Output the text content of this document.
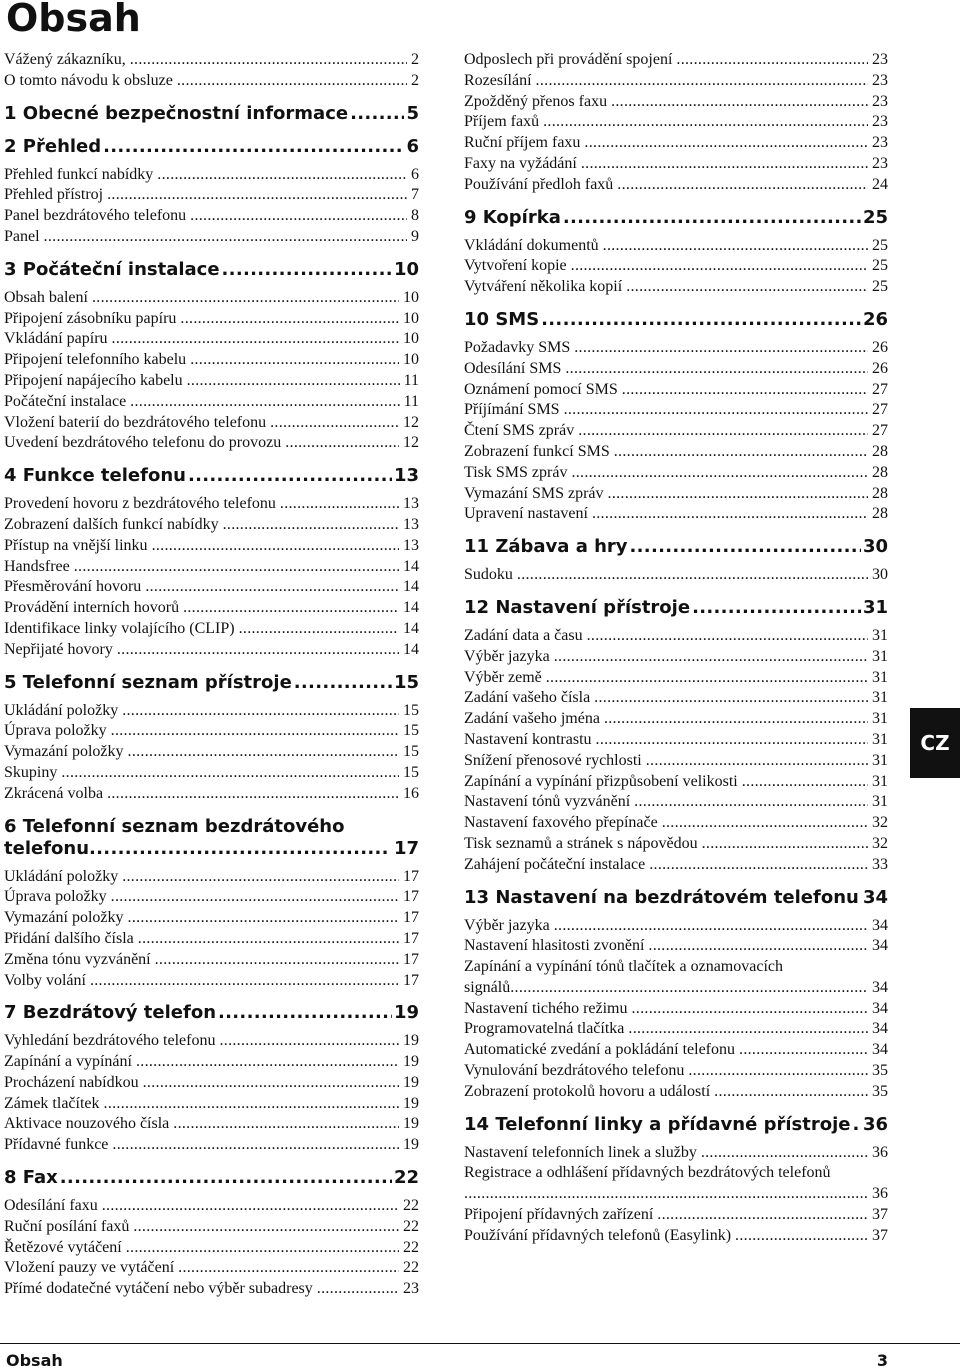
Obsah
Vážený zákazníku, .....	2
O tomto návodu k obsluze .....	2
1 Obecné bezpečnostní informace .....	5
2 Přehled .....	6
Přehled funkcí nabídky .....	6
Přehled přístroj .....	7
Panel bezdrátového telefonu .....	8
Panel .....	9
3 Počáteční instalace .....	10
Obsah balení .....	10
Připojení zásobníku papíru .....	10
Vkládání papíru .....	10
Připojení telefonního kabelu .....	10
Připojení napájecího kabelu .....	11
Počáteční instalace .....	11
Vložení baterií do bezdrátového telefonu .....	12
Uvedení bezdrátového telefonu do provozu .....	12
4 Funkce telefonu .....	13
Provedení hovoru z bezdrátového telefonu .....	13
Zobrazení dalších funkcí nabídky .....	13
Přístup na vnější linku .....	13
Handsfree .....	14
Přesměrování hovoru .....	14
Provádění interních hovorů .....	14
Identifikace linky volajícího (CLIP) .....	14
Nepřijaté hovory .....	14
5 Telefonní seznam přístroje .....	15
Ukládání položky .....	15
Úprava položky .....	15
Vymazání položky .....	15
Skupiny .....	15
Zkrácená volba .....	16
6 Telefonní seznam bezdrátového
telefonu .....	17
Ukládání položky .....	17
Úprava položky .....	17
Vymazání položky .....	17
Přidání dalšího čísla .....	17
Změna tónu vyzvánění .....	17
Volby volání .....	17
7 Bezdrátový telefon .....	19
Vyhledání bezdrátového telefonu .....	19
Zapínání a vypínání .....	19
Procházení nabídkou .....	19
Zámek tlačítek .....	19
Aktivace nouzového čísla .....	19
Přídavné funkce .....	19
8 Fax .....	22
Odesílání faxu .....	22
Ruční posílání faxů .....	22
Řetězové vytáčení .....	22
Vložení pauzy ve vytáčení .....	22
Přímé dodatečné vytáčení nebo výběr subadresy .....	23
Odposlech při provádění spojení .....	23
Rozesílání .....	23
Zpožděný přenos faxu .....	23
Příjem faxů .....	23
Ruční příjem faxu .....	23
Faxy na vyžádání .....	23
Používání předloh faxů .....	24
9 Kopírka .....	25
Vkládání dokumentů .....	25
Vytvoření kopie .....	25
Vytváření několika kopií .....	25
10 SMS .....	26
Požadavky SMS .....	26
Odesílání SMS .....	26
Oznámení pomocí SMS .....	27
Příjímání SMS .....	27
Čtení SMS zpráv .....	27
Zobrazení funkcí SMS .....	28
Tisk SMS zpráv .....	28
Vymazání SMS zpráv .....	28
Upravení nastavení .....	28
11 Zábava a hry .....	30
Sudoku .....	30
12 Nastavení přístroje .....	31
Zadání data a času .....	31
Výběr jazyka .....	31
Výběr země .....	31
Zadání vašeho čísla .....	31
Zadání vašeho jména .....	31
Nastavení kontrastu .....	31
Snížení přenosové rychlosti .....	31
Zapínání a vypínání přizpůsobení velikosti .....	31
Nastavení tónů vyzvánění .....	31
Nastavení faxového přepínače .....	32
Tisk seznamů a stránek s nápovědou .....	32
Zahájení počáteční instalace .....	33
13 Nastavení na bezdrátovém telefonu ..... 34
Výběr jazyka .....	34
Nastavení hlasitosti zvonění .....	34
Zapínání a vypínání tónů tlačítek a oznamovacích
signálů .....	34
Nastavení tichého režimu .....	34
Programovatelná tlačítka .....	34
Automatické zvedání a pokládání telefonu .....	34
Vynulování bezdrátového telefonu .....	35
Zobrazení protokolů hovoru a událostí .....	35
14 Telefonní linky a přídavné přístroje ..... 36
Nastavení telefonních linek a služby .....	36
Registrace a odhlášení přídavných bezdrátových telefonů
.....
36
Připojení přídavných zařízení .....	37
Používání přídavných telefonů (Easylink) .....	37
CZ
Obsah	3
